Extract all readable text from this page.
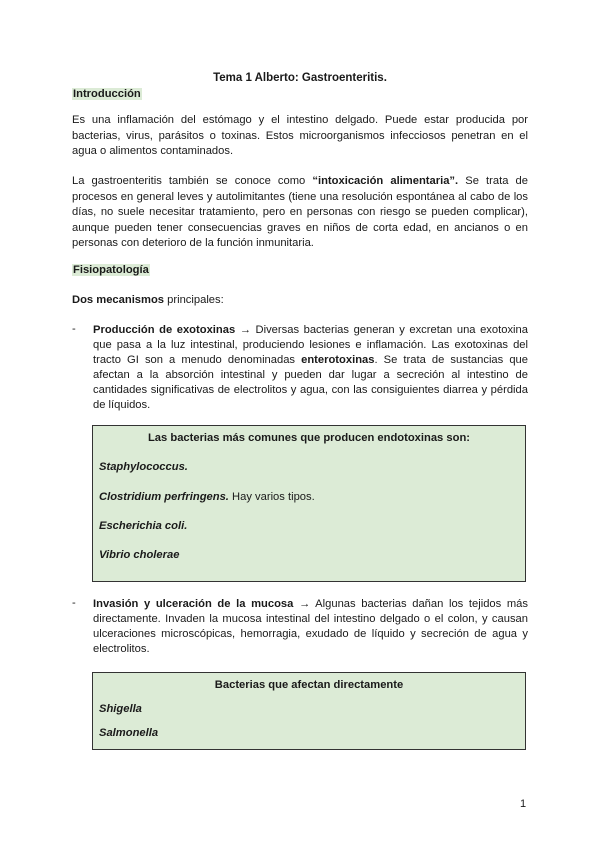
Tema 1 Alberto: Gastroenteritis.
Introducción

Es una inflamación del estómago y el intestino delgado. Puede estar producida por bacterias, virus, parásitos o toxinas. Estos microorganismos infecciosos penetran en el agua o alimentos contaminados.

La gastroenteritis también se conoce como “intoxicación alimentaria”. Se trata de procesos en general leves y autolimitantes (tiene una resolución espontánea al cabo de los días, no suele necesitar tratamiento, pero en personas con riesgo se pueden complicar), aunque pueden tener consecuencias graves en niños de corta edad, en ancianos o en personas con deterioro de la función inmunitaria.

Fisiopatología
Dos mecanismos principales:
- Producción de exotoxinas → Diversas bacterias generan y excretan una exotoxina que pasa a la luz intestinal, produciendo lesiones e inflamación. Las exotoxinas del tracto GI son a menudo denominadas enterotoxinas. Se trata de sustancias que afectan a la absorción intestinal y pueden dar lugar a secreción al intestino de cantidades significativas de electrolitos y agua, con las consiguientes diarrea y pérdida de líquidos.

Las bacterias más comunes que producen endotoxinas son:
Staphylococcus.
Clostridium perfringens. Hay varios tipos.
Escherichia coli.
Vibrio cholerae
- Invasión y ulceración de la mucosa → Algunas bacterias dañan los tejidos más directamente. Invaden la mucosa intestinal del intestino delgado o el colon, y causan ulceraciones microscópicas, hemorragia, exudado de líquido y secreción de agua y electrolitos.

Bacterias que afectan directamente
Shigella
Salmonella
1
